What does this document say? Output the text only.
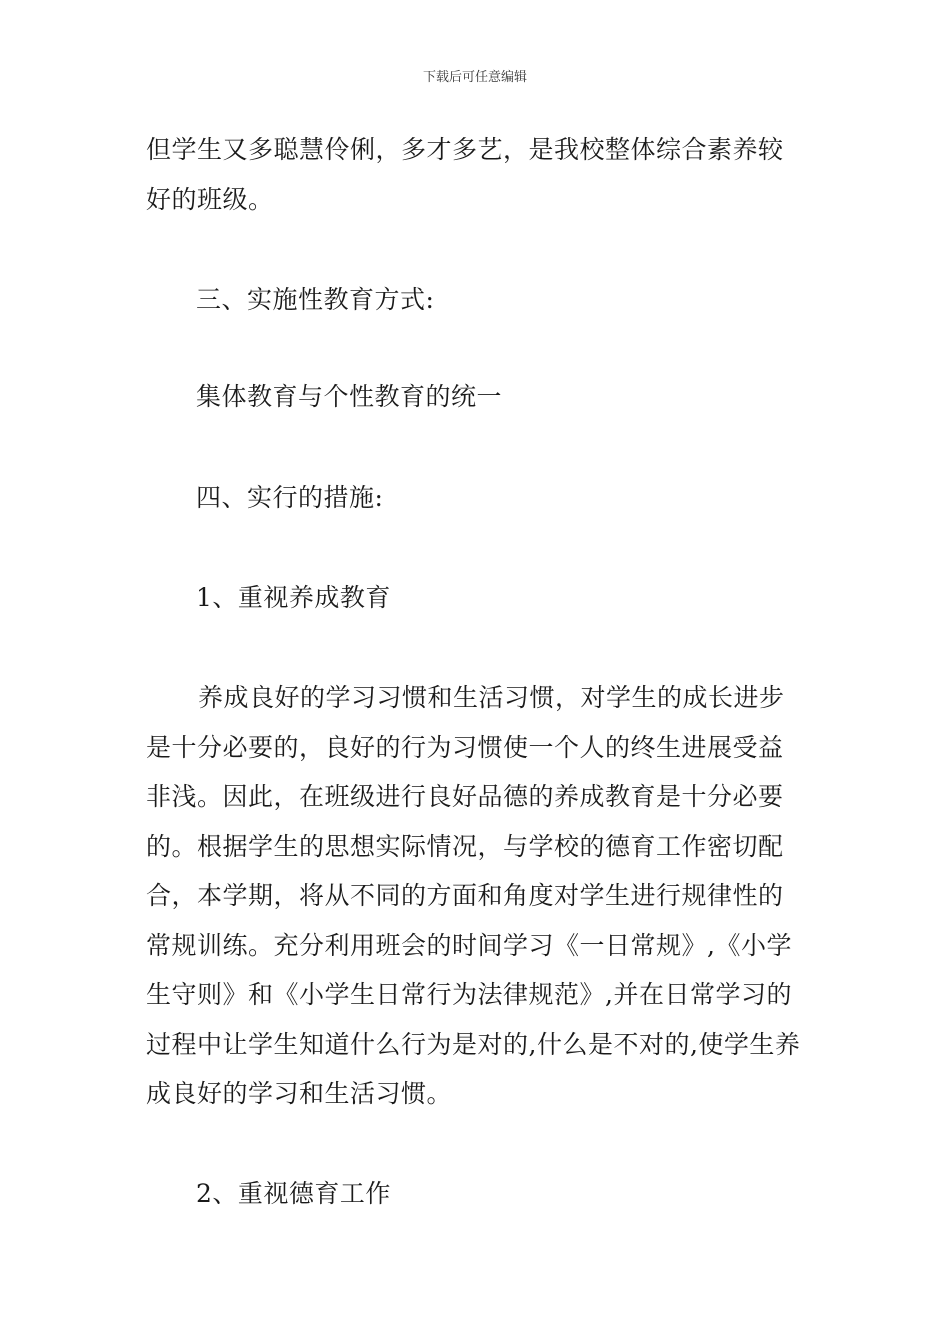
下载后可任意编辑

但学生又多聪慧伶俐，多才多艺，是我校整体综合素养较好的班级。

三、实施性教育方式:

集体教育与个性教育的统一

四、实行的措施:

1、重视养成教育

养成良好的学习习惯和生活习惯，对学生的成长进步是十分必要的，良好的行为习惯使一个人的终生进展受益非浅。因此，在班级进行良好品德的养成教育是十分必要的。根据学生的思想实际情况，与学校的德育工作密切配合，本学期，将从不同的方面和角度对学生进行规律性的常规训练。充分利用班会的时间学习《一日常规》,《小学生守则》和《小学生日常行为法律规范》,并在日常学习的过程中让学生知道什么行为是对的,什么是不对的,使学生养成良好的学习和生活习惯。

2、重视德育工作
